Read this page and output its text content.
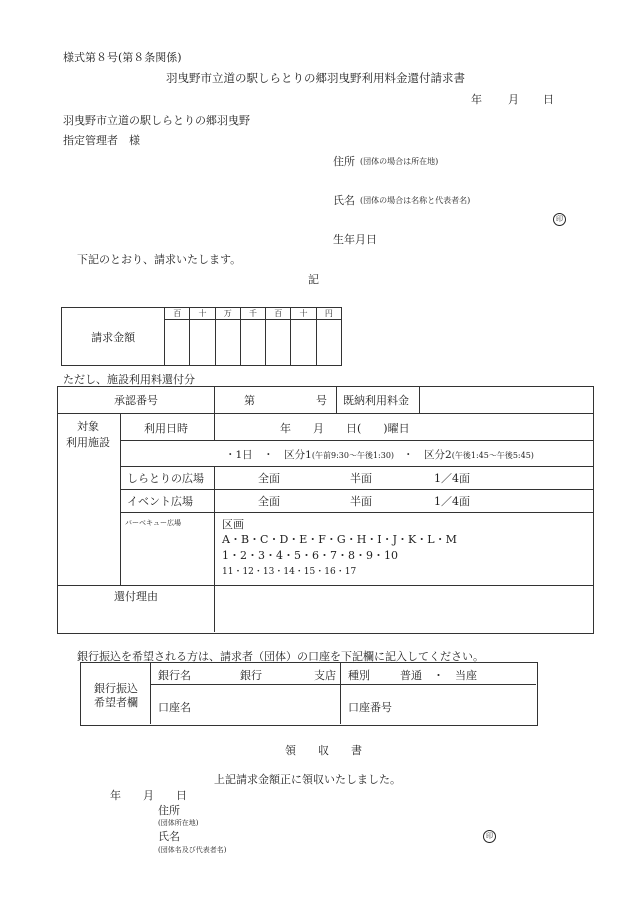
様式第８号(第８条関係)
羽曳野市立道の駅しらとりの郷羽曳野利用料金還付請求書
年 月 日
羽曳野市立道の駅しらとりの郷羽曳野
指定管理者　様
住所 (団体の場合は所在地)
氏名 (団体の場合は名称と代表者名)
印
生年月日
下記のとおり、請求いたします。
記
請求金額	百	十	万	千	百	十	円

ただし、施設利用料還付分
承認番号	第	号 既納利用料金
対象
利用施設
利用日時	年　　月　　日(　　)曜日
・1日　・　区分1(午前9:30〜午後1:30) ・　区分2(午後1:45〜午後5:45)
しらとりの広場	全面	半面	1／4面
イベント広場	全面	半面	1／4面
バーベキュー広場	区画
A・B・C・D・E・F・G・H・I・J・K・L・M
1・2・3・4・5・6・7・8・9・10
11・12・13・14・15・16・17
還付理由
銀行振込を希望される方は、請求者（団体）の口座を下記欄に記入してください。
銀行振込
希望者欄
銀行名	銀行	支店 種別	普通　・　当座
口座名	口座番号
領　　収　　書
上記請求金額正に領収いたしました。
年　　月　　日
住所
(団体所在地)
氏名	印
(団体名及び代表者名)
